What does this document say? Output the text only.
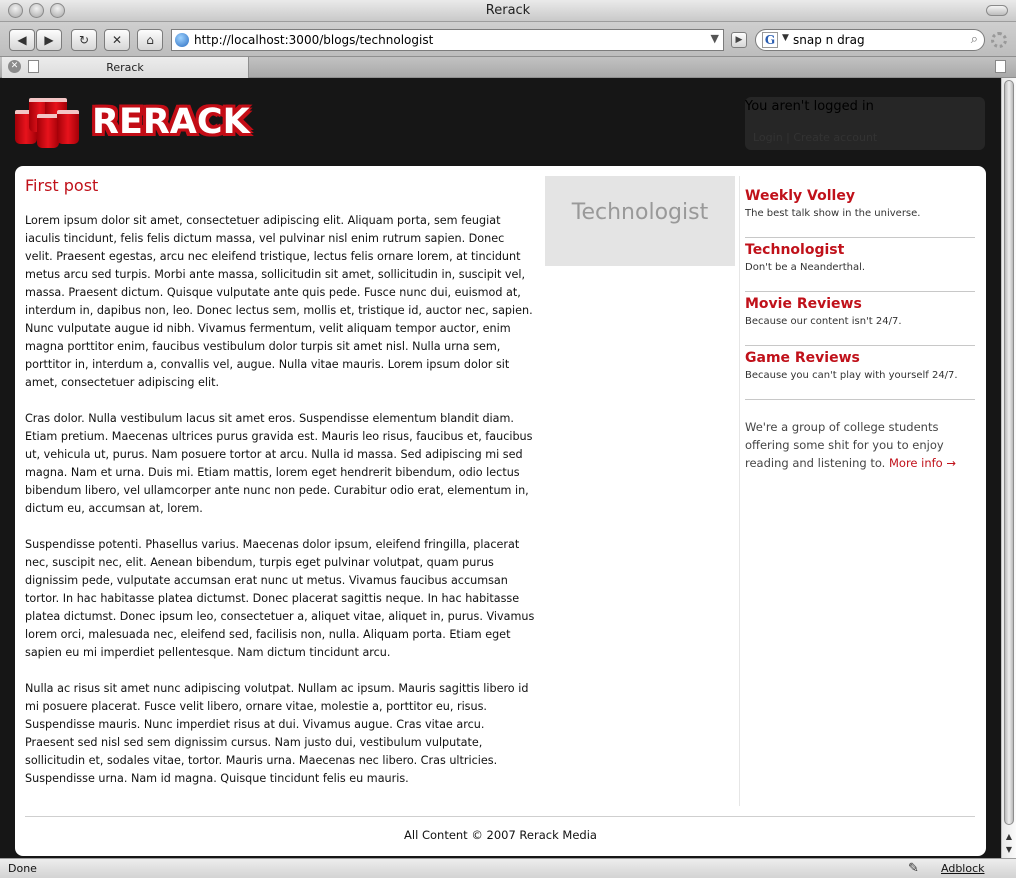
Rerack
◀	▶	↻	✕	⌂	http://localhost:3000/blogs/technologist	▼	▶	G ▼ snap n drag	⌕
✕	Rerack
RERACK	You aren't logged in
Login | Create account
First post

Lorem ipsum dolor sit amet, consectetuer adipiscing elit. Aliquam porta, sem feugiat iaculis tincidunt, felis felis dictum massa, vel pulvinar nisl enim rutrum sapien. Donec velit. Praesent egestas, arcu nec eleifend tristique, lectus felis ornare lorem, at tincidunt metus arcu sed turpis. Morbi ante massa, sollicitudin sit amet, sollicitudin in, suscipit vel, massa. Praesent dictum. Quisque vulputate ante quis pede. Fusce nunc dui, euismod at, interdum in, dapibus non, leo. Donec lectus sem, mollis et, tristique id, auctor nec, sapien. Nunc vulputate augue id nibh. Vivamus fermentum, velit aliquam tempor auctor, enim magna porttitor enim, faucibus vestibulum dolor turpis sit amet nisl. Nulla urna sem, porttitor in, interdum a, convallis vel, augue. Nulla vitae mauris. Lorem ipsum dolor sit amet, consectetuer adipiscing elit.

Cras dolor. Nulla vestibulum lacus sit amet eros. Suspendisse elementum blandit diam. Etiam pretium. Maecenas ultrices purus gravida est. Mauris leo risus, faucibus et, faucibus ut, vehicula ut, purus. Nam posuere tortor at arcu. Nulla id massa. Sed adipiscing mi sed magna. Nam et urna. Duis mi. Etiam mattis, lorem eget hendrerit bibendum, odio lectus bibendum libero, vel ullamcorper ante nunc non pede. Curabitur odio erat, elementum in, dictum eu, accumsan at, lorem.

Suspendisse potenti. Phasellus varius. Maecenas dolor ipsum, eleifend fringilla, placerat nec, suscipit nec, elit. Aenean bibendum, turpis eget pulvinar volutpat, quam purus dignissim pede, vulputate accumsan erat nunc ut metus. Vivamus faucibus accumsan tortor. In hac habitasse platea dictumst. Donec placerat sagittis neque. In hac habitasse platea dictumst. Donec ipsum leo, consectetuer a, aliquet vitae, aliquet in, purus. Vivamus lorem orci, malesuada nec, eleifend sed, facilisis non, nulla. Aliquam porta. Etiam eget sapien eu mi imperdiet pellentesque. Nam dictum tincidunt arcu.

Nulla ac risus sit amet nunc adipiscing volutpat. Nullam ac ipsum. Mauris sagittis libero id mi posuere placerat. Fusce velit libero, ornare vitae, molestie a, porttitor eu, risus. Suspendisse mauris. Nunc imperdiet risus at dui. Vivamus augue. Cras vitae arcu. Praesent sed nisl sed sem dignissim cursus. Nam justo dui, vestibulum vulputate, sollicitudin et, sodales vitae, tortor. Mauris urna. Maecenas nec libero. Cras ultricies. Suspendisse urna. Nam id magna. Quisque tincidunt felis eu mauris.

Technologist
Weekly Volley
The best talk show in the universe.
Technologist
Don't be a Neanderthal.
Movie Reviews
Because our content isn't 24/7.
Game Reviews
Because you can't play with yourself 24/7.
We're a group of college students offering some shit for you to enjoy reading and listening to. More info →
All Content © 2007 Rerack Media	▲
▼
Done	✎ Adblock
